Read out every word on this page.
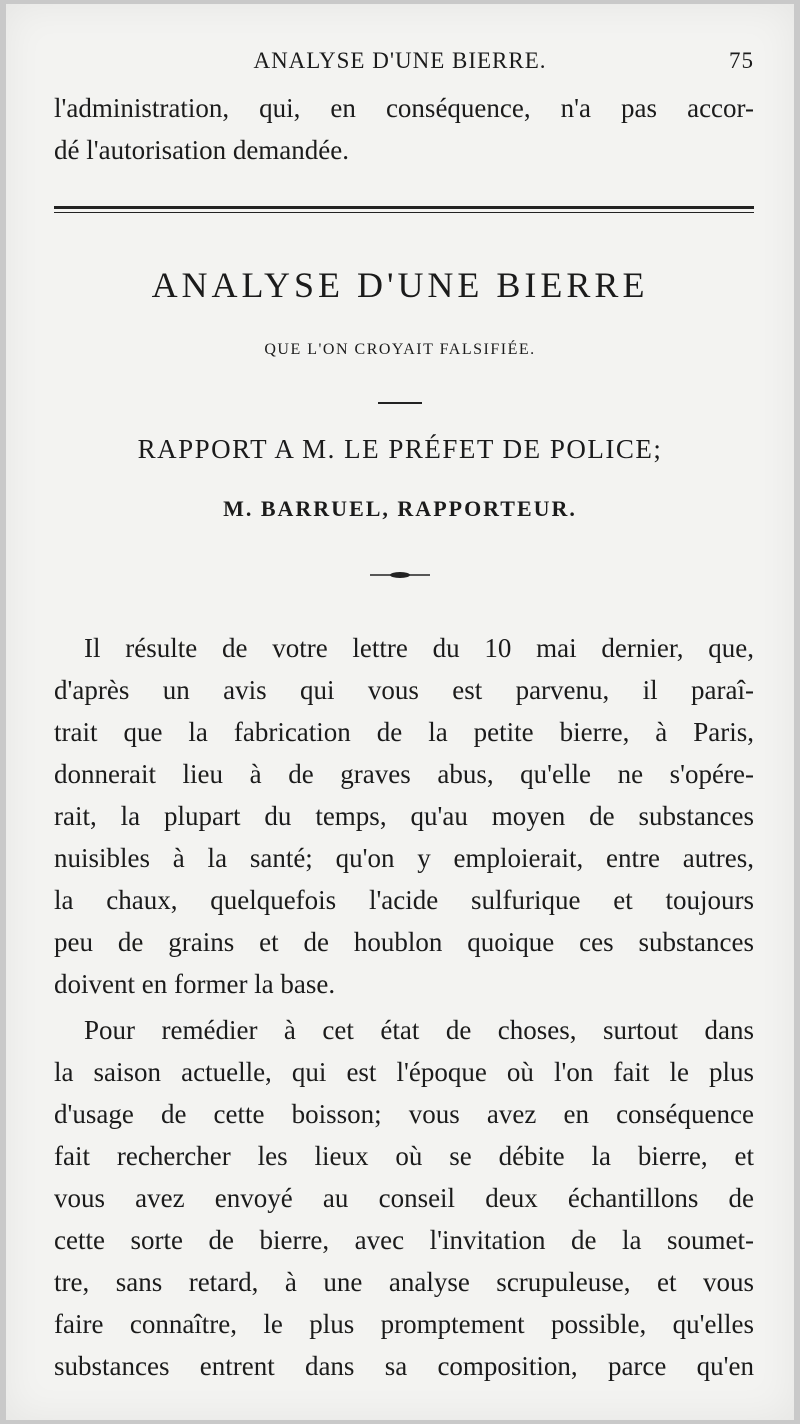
ANALYSE D'UNE BIERRE.	75
l'administration, qui, en conséquence, n'a pas accor-
dé l'autorisation demandée.
ANALYSE D'UNE BIERRE
QUE L'ON CROYAIT FALSIFIÉE.
RAPPORT A M. LE PRÉFET DE POLICE;
M. BARRUEL, RAPPORTEUR.
Il résulte de votre lettre du 10 mai dernier, que,
d'après un avis qui vous est parvenu, il paraî-
trait que la fabrication de la petite bierre, à Paris,
donnerait lieu à de graves abus, qu'elle ne s'opére-
rait, la plupart du temps, qu'au moyen de substances
nuisibles à la santé; qu'on y emploierait, entre autres,
la chaux, quelquefois l'acide sulfurique et toujours
peu de grains et de houblon quoique ces substances
doivent en former la base.
Pour remédier à cet état de choses, surtout dans
la saison actuelle, qui est l'époque où l'on fait le plus
d'usage de cette boisson; vous avez en conséquence
fait rechercher les lieux où se débite la bierre, et
vous avez envoyé au conseil deux échantillons de
cette sorte de bierre, avec l'invitation de la soumet-
tre, sans retard, à une analyse scrupuleuse, et vous
faire connaître, le plus promptement possible, qu'elles
substances entrent dans sa composition, parce qu'en
